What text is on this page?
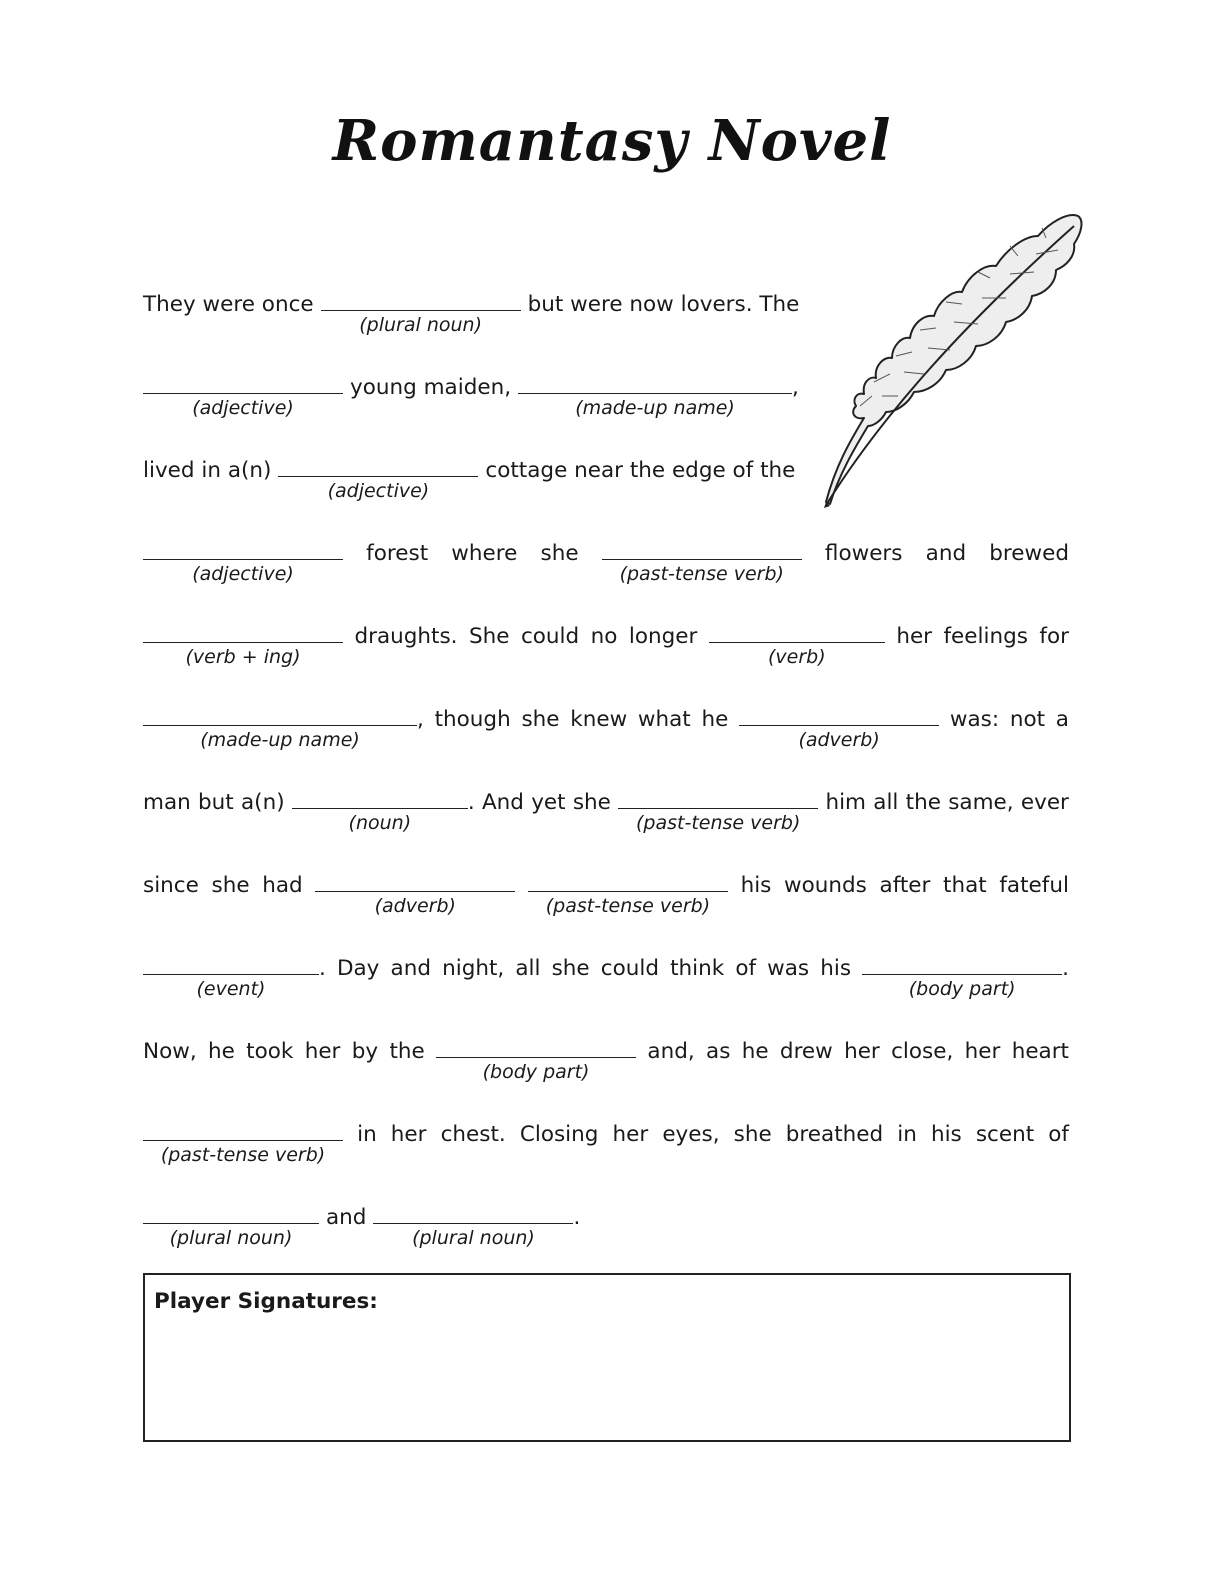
Romantasy Novel
They were once
(plural noun)
but were now lovers. The
(adjective)
young maiden,
(made-up name)
,
lived in a(n)
(adjective)
cottage near the edge of the
(adjective)
forest where she
(past-tense verb)
flowers and brewed
(verb + ing)
draughts. She could no longer
(verb)
her feelings for
(made-up name)
, though she knew what he
(adverb)
was: not a
man but a(n)
(noun)
. And yet she
(past-tense verb)
him all the same, ever
since she had
(adverb)	(past-tense verb)
his wounds after that fateful
(event)
. Day and night, all she could think of was his
(body part)
.
Now, he took her by the
(body part)
and, as he drew her close, her heart
(past-tense verb)
in her chest. Closing her eyes, she breathed in his scent of
(plural noun)
and
(plural noun)
.
Player Signatures:
